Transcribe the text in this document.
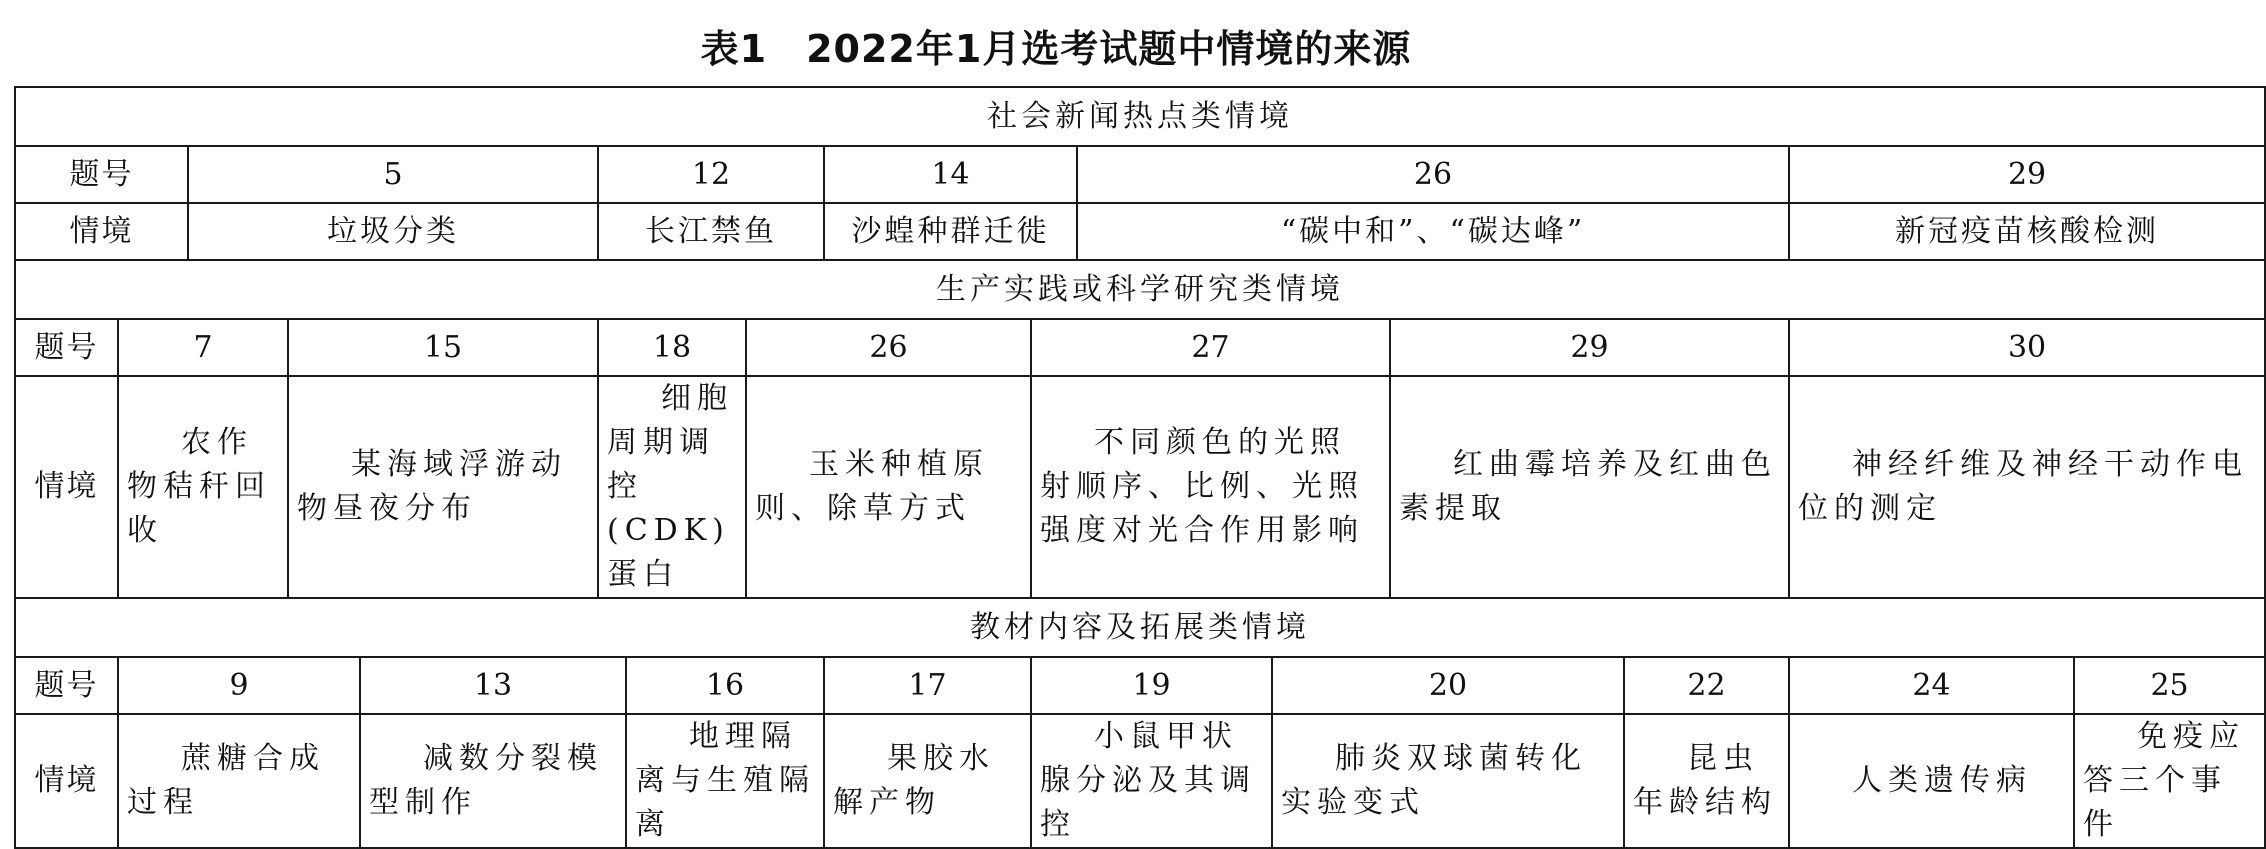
表1　2022年1月选考试题中情境的来源
社会新闻热点类情境															
题号		5			12			14		26				29	
情境		垃圾分类			长江禁鱼			沙蝗种群迁徙		“碳中和”、“碳达峰”				新冠疫苗核酸检测	
生产实践或科学研究类情境															
题号	7		15		18		26		27			29		30	
情境	农作物秸秆回收		某海域浮游动物昼夜分布		细胞周期调控(CDK)蛋白		玉米种植原则、除草方式		不同颜色的光照射顺序、比例、光照强度对光合作用影响			红曲霉培养及红曲色素提取		神经纤维及神经干动作电位的测定	
教材内容及拓展类情境															
题号	9			13		16		17	19		20		22	24	25
情境	蔗糖合成过程			减数分裂模型制作		地理隔离与生殖隔离		果胶水解产物	小鼠甲状腺分泌及其调控		肺炎双球菌转化实验变式		昆虫年龄结构	人类遗传病	免疫应答三个事件
